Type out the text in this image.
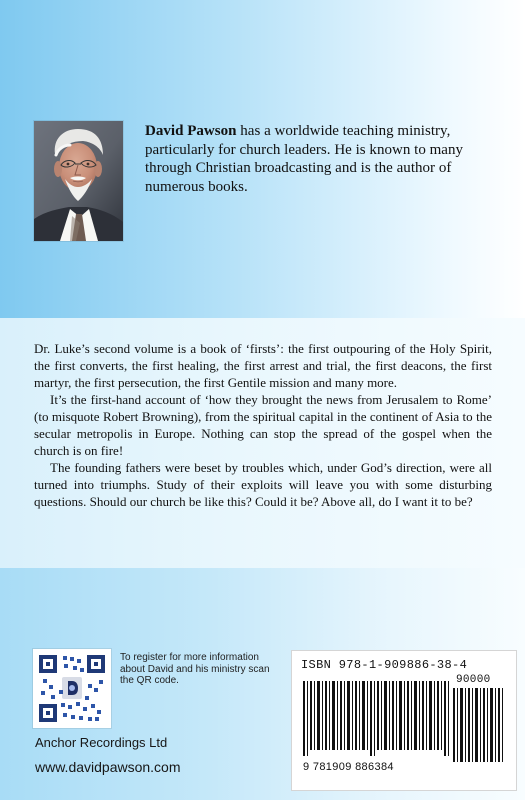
David Pawson has a worldwide teaching ministry, particularly for church leaders. He is known to many through Christian broadcasting and is the author of numerous books.

Dr. Luke’s second volume is a book of ‘firsts’: the first outpouring of the Holy Spirit, the first converts, the first healing, the first arrest and trial, the first deacons, the first martyr, the first persecution, the first Gentile mission and many more.

It’s the first-hand account of ‘how they brought the news from Jerusalem to Rome’ (to misquote Robert Browning), from the spiritual capital in the continent of Asia to the secular metropolis in Europe. Nothing can stop the spread of the gospel when the church is on fire!

The founding fathers were beset by troubles which, under God’s direction, were all turned into triumphs. Study of their exploits will leave you with some disturbing questions. Should our church be like this? Could it be? Above all, do I want it to be?

To register for more information about David and his ministry scan the QR code.
Anchor Recordings Ltd
www.davidpawson.com
ISBN 978-1-909886-38-4
90000
9 781909 886384
